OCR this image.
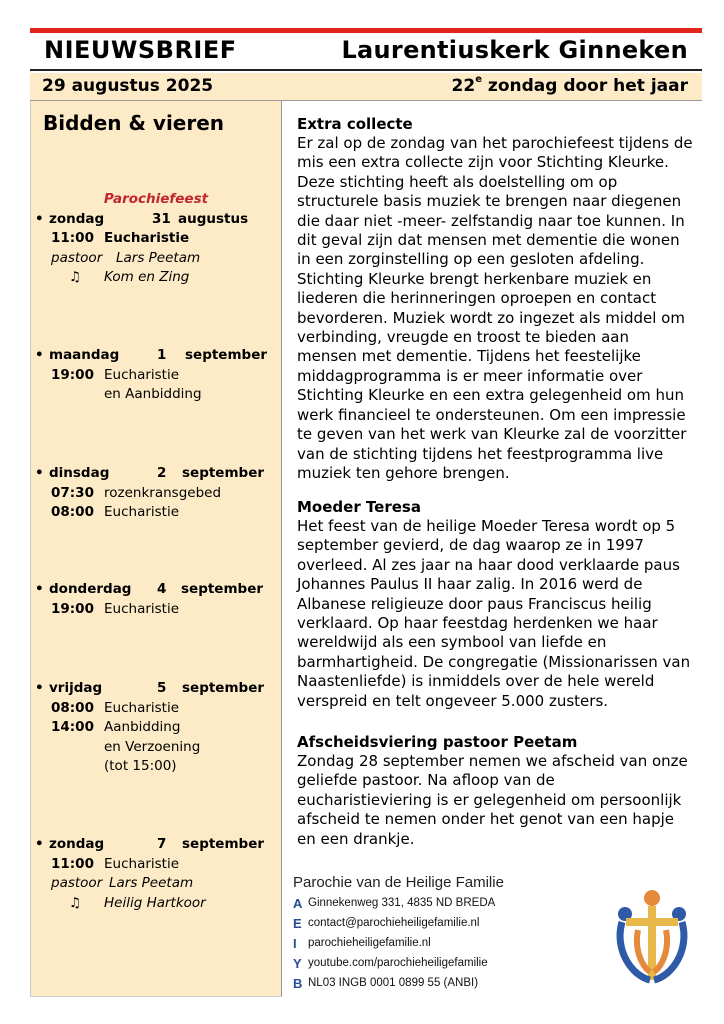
NIEUWSBRIEF	Laurentiuskerk Ginneken
29 augustus 2025	22e zondag door het jaar
Bidden & vieren
Parochiefeest
• zondag	31 augustus
11:00 Eucharistie
pastoor Lars Peetam
♫ Kom en Zing
• maandag	1 september
19:00 Eucharistie
en Aanbidding
• dinsdag	2 september
07:30 rozenkransgebed
08:00 Eucharistie
• donderdag 4 september
19:00 Eucharistie
• vrijdag	5 september
08:00 Eucharistie
14:00 Aanbidding
en Verzoening
(tot 15:00)
• zondag	7 september
11:00 Eucharistie
pastoor Lars Peetam
♫ Heilig Hartkoor
Extra collecte

Er zal op de zondag van het parochiefeest tijdens de mis een extra collecte zijn voor Stichting Kleurke. Deze stichting heeft als doelstelling om op structurele basis muziek te brengen naar diegenen die daar niet -meer- zelfstandig naar toe kunnen. In dit geval zijn dat mensen met dementie die wonen in een zorginstelling op een gesloten afdeling. Stichting Kleurke brengt herkenbare muziek en liederen die herinneringen oproepen en contact bevorderen. Muziek wordt zo ingezet als middel om verbinding, vreugde en troost te bieden aan mensen met dementie. Tijdens het feestelijke middagprogramma is er meer informatie over Stichting Kleurke en een extra gelegenheid om hun werk financieel te ondersteunen. Om een impressie te geven van het werk van Kleurke zal de voorzitter van de stichting tijdens het feestprogramma live muziek ten gehore brengen.

Moeder Teresa

Het feest van de heilige Moeder Teresa wordt op 5 september gevierd, de dag waarop ze in 1997 overleed. Al zes jaar na haar dood verklaarde paus Johannes Paulus II haar zalig. In 2016 werd de Albanese religieuze door paus Franciscus heilig verklaard. Op haar feestdag herdenken we haar wereldwijd als een symbool van liefde en barmhartigheid. De congregatie (Missionarissen van Naastenliefde) is inmiddels over de hele wereld verspreid en telt ongeveer 5.000 zusters.

Afscheidsviering pastoor Peetam

Zondag 28 september nemen we afscheid van onze geliefde pastoor. Na afloop van de eucharistieviering is er gelegenheid om persoonlijk afscheid te nemen onder het genot van een hapje en een drankje.

Parochie van de Heilige Familie
A Ginnekenweg 331, 4835 ND BREDA
E contact@parochieheiligefamilie.nl
I parochieheiligefamilie.nl
Y youtube.com/parochieheiligefamilie
B NL03 INGB 0001 0899 55 (ANBI)
